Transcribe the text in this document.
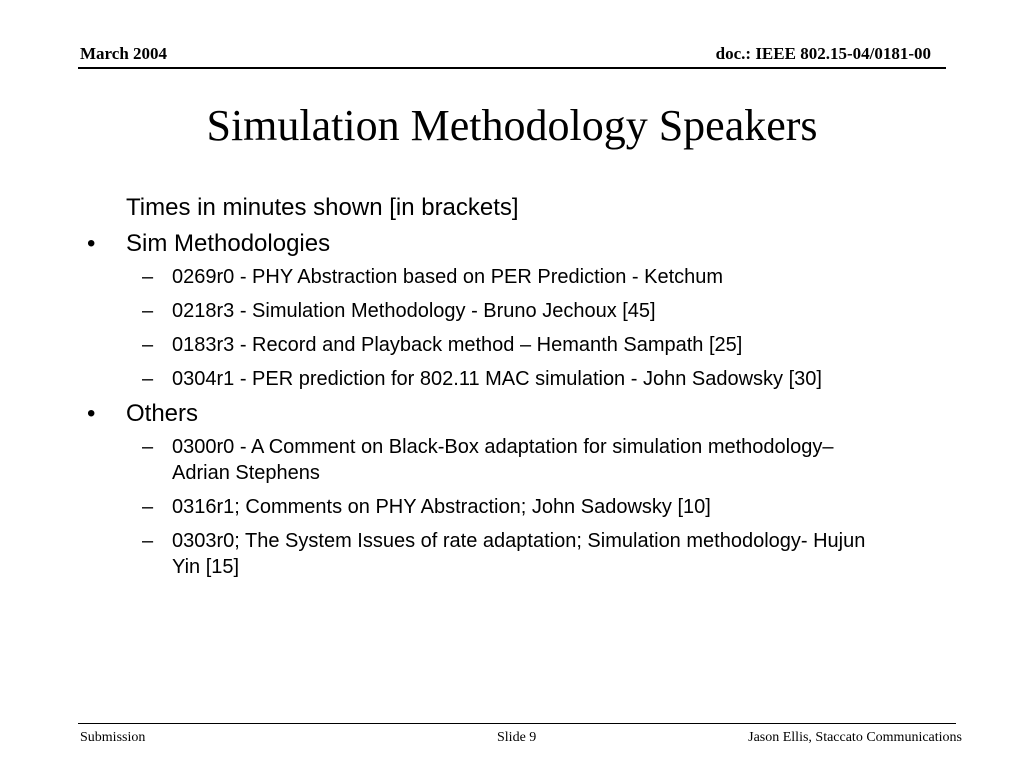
March 2004	doc.: IEEE 802.15-04/0181-00
Simulation Methodology Speakers
Times in minutes shown [in brackets]
•	Sim Methodologies
– 0269r0 - PHY Abstraction based on PER Prediction - Ketchum
– 0218r3 - Simulation Methodology - Bruno Jechoux [45]
– 0183r3 - Record and Playback method – Hemanth Sampath [25]
– 0304r1 - PER prediction for 802.11 MAC simulation - John Sadowsky [30]
•	Others
– 0300r0 - A Comment on Black-Box adaptation for simulation methodology– Adrian Stephens
– 0316r1; Comments on PHY Abstraction; John Sadowsky [10]
– 0303r0; The System Issues of rate adaptation; Simulation methodology- Hujun Yin [15]
Submission	Slide 9	Jason Ellis, Staccato Communications
